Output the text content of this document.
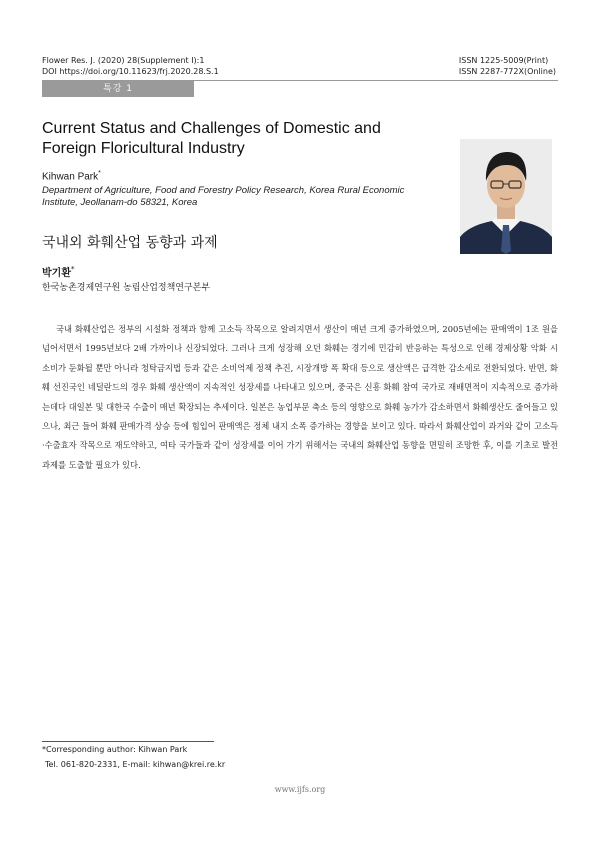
Flower Res. J. (2020) 28(Supplement I):1
DOI https://doi.org/10.11623/frj.2020.28.S.1
ISSN 1225-5009(Print)
ISSN 2287-772X(Online)
특강 1
Current Status and Challenges of Domestic and
Foreign Floricultural Industry
Kihwan Park*
Department of Agriculture, Food and Forestry Policy Research, Korea Rural Economic
Institute, Jeollanam-do 58321, Korea
국내외 화훼산업 동향과 과제
박기환*
한국농촌경제연구원 농림산업정책연구본부

국내 화훼산업은 정부의 시설화 정책과 함께 고소득 작목으로 알려지면서 생산이 매년 크게 증가하였으며, 2005년에는 판매액이 1조 원을 넘어서면서 1995년보다 2배 가까이나 신장되었다. 그러나 크게 성장해 오던 화훼는 경기에 민감히 반응하는 특성으로 인해 경제상황 악화 시 소비가 둔화될 뿐만 아니라 청탁금지법 등과 같은 소비억제 정책 추진, 시장개방 폭 확대 등으로 생산액은 급격한 감소세로 전환되었다. 반면, 화훼 선진국인 네덜란드의 경우 화훼 생산액이 지속적인 성장세를 나타내고 있으며, 중국은 신흥 화훼 참여 국가로 재배면적이 지속적으로 증가하는데다 대일본 및 대한국 수출이 매년 확장되는 추세이다. 일본은 농업부문 축소 등의 영향으로 화훼 농가가 감소하면서 화훼생산도 줄어들고 있으나, 최근 들어 화훼 판매가격 상승 등에 힘입어 판매액은 정체 내지 소폭 증가하는 경향을 보이고 있다. 따라서 화훼산업이 과거와 같이 고소득·수출효자 작목으로 재도약하고, 여타 국가들과 같이 성장세를 이어 가기 위해서는 국내의 화훼산업 동향을 면밀히 조망한 후, 이를 기초로 발전 과제를 도출할 필요가 있다.

*Corresponding author: Kihwan Park
Tel. 061-820-2331, E-mail: kihwan@krei.re.kr
www.ijfs.org
